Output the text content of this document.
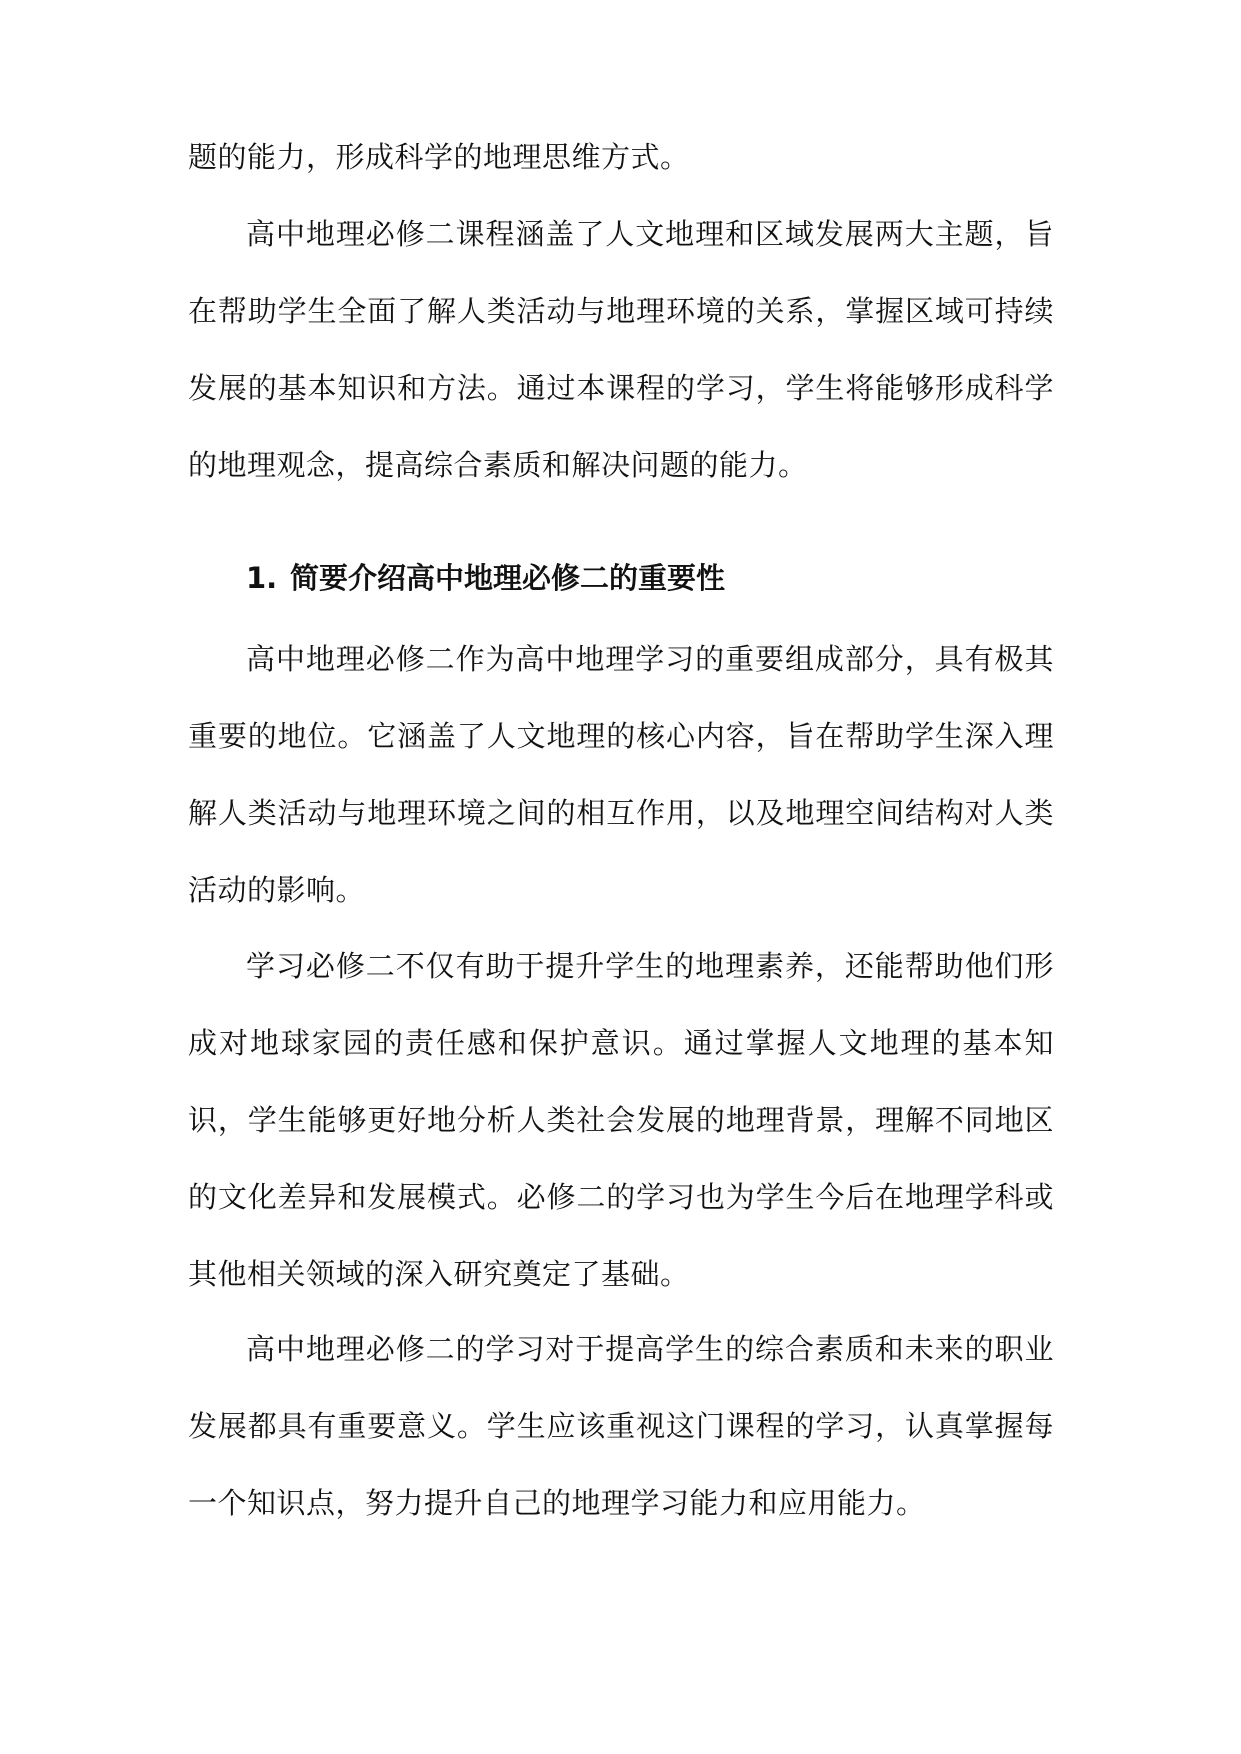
题的能力，形成科学的地理思维方式。

高中地理必修二课程涵盖了人文地理和区域发展两大主题，旨在帮助学生全面了解人类活动与地理环境的关系，掌握区域可持续发展的基本知识和方法。通过本课程的学习，学生将能够形成科学的地理观念，提高综合素质和解决问题的能力。

1. 简要介绍高中地理必修二的重要性

高中地理必修二作为高中地理学习的重要组成部分，具有极其重要的地位。它涵盖了人文地理的核心内容，旨在帮助学生深入理解人类活动与地理环境之间的相互作用，以及地理空间结构对人类活动的影响。

学习必修二不仅有助于提升学生的地理素养，还能帮助他们形成对地球家园的责任感和保护意识。通过掌握人文地理的基本知识，学生能够更好地分析人类社会发展的地理背景，理解不同地区的文化差异和发展模式。必修二的学习也为学生今后在地理学科或其他相关领域的深入研究奠定了基础。

高中地理必修二的学习对于提高学生的综合素质和未来的职业发展都具有重要意义。学生应该重视这门课程的学习，认真掌握每一个知识点，努力提升自己的地理学习能力和应用能力。
